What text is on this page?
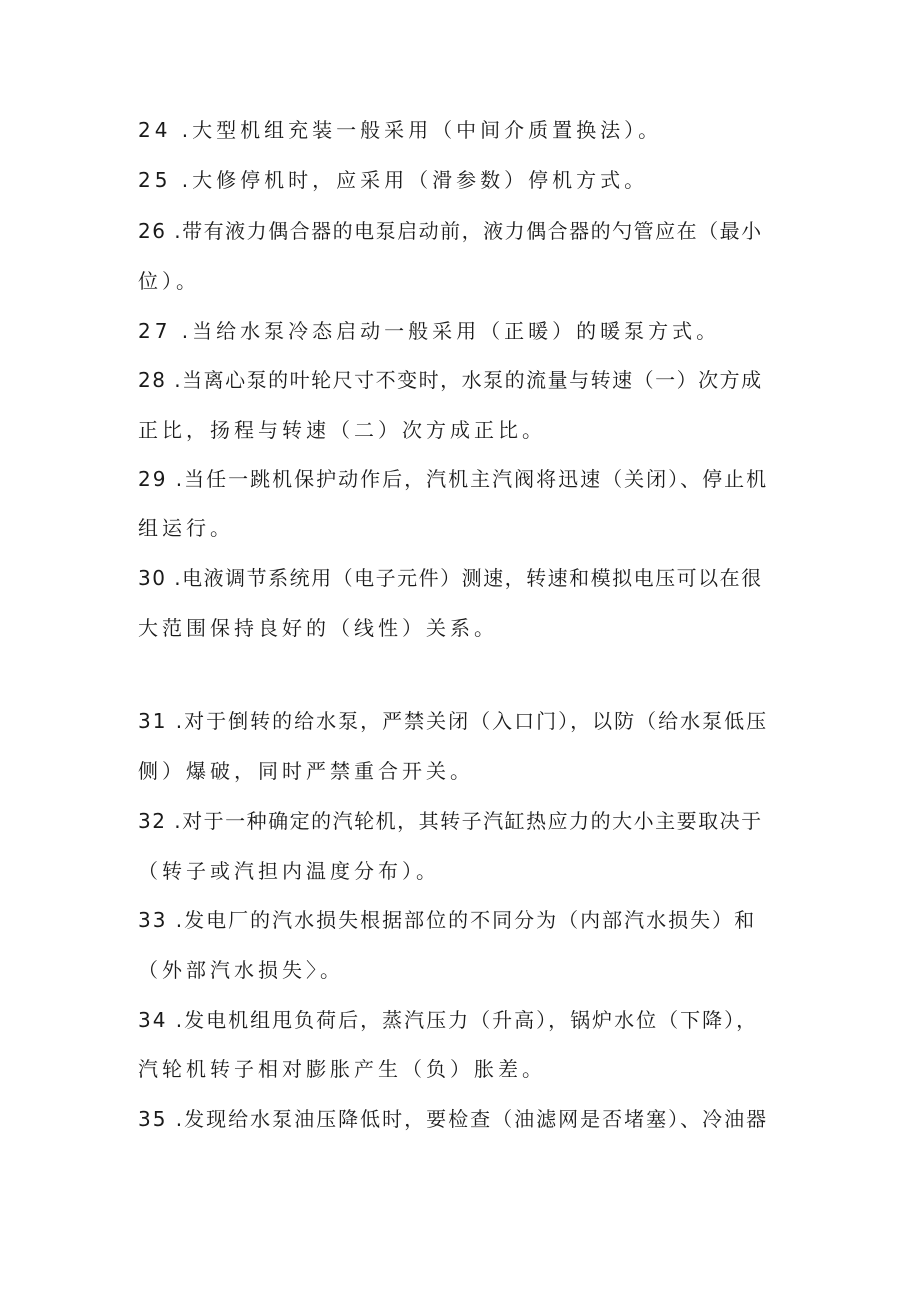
24 .大型机组充装一般采用（中间介质置换法）。
25 .大修停机时，应采用（滑参数）停机方式。
26 .带有液力偶合器的电泵启动前，液力偶合器的勺管应在（最小
位）。
27 .当给水泵冷态启动一般采用（正暖）的暖泵方式。
28 .当离心泵的叶轮尺寸不变时，水泵的流量与转速（一）次方成
正比，扬程与转速（二）次方成正比。
29 .当任一跳机保护动作后，汽机主汽阀将迅速（关闭）、停止机
组运行。
30 .电液调节系统用（电子元件）测速，转速和模拟电压可以在很
大范围保持良好的（线性）关系。
31 .对于倒转的给水泵，严禁关闭（入口门），以防（给水泵低压
侧）爆破，同时严禁重合开关。
32 .对于一种确定的汽轮机，其转子汽缸热应力的大小主要取决于
（转子或汽担内温度分布）。
33 .发电厂的汽水损失根据部位的不同分为（内部汽水损失）和
（外部汽水损失〉。
34 .发电机组甩负荷后，蒸汽压力（升高），锅炉水位（下降），
汽轮机转子相对膨胀产生（负）胀差。
35 .发现给水泵油压降低时，要检查（油滤网是否堵塞）、冷油器
